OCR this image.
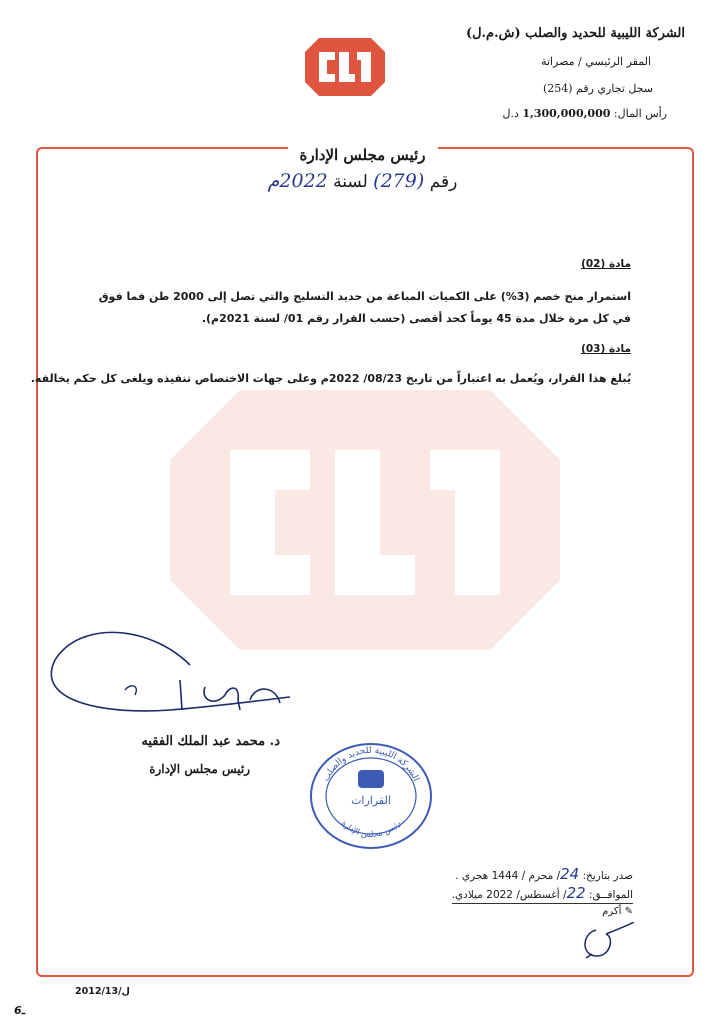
الشركة الليبية للحديد والصلب (ش.م.ل)
المقر الرئيسي / مصراتة
سجل تجاري رقم (254)
رأس المال: 1,300,000,000 د.ل
رئيس مجلس الإدارة
رقم (279) لسنة 2022م
مادة (02)
استمرار منح خصم (3%) على الكميات المباعة من حديد التسليح والتي تصل إلى 2000 طن فما فوق في كل مرة خلال مدة 45 يوماً كحد أقصى (حسب القرار رقم 01/ لسنة 2021م).
مادة (03)
يُبلغ هذا القرار، ويُعمل به اعتباراً من تاريخ 08/23/ 2022م وعلى جهات الاختصاص تنفيذه ويلغى كل حكم يخالفه.
د. محمد عبد الملك الفقيه
رئيس مجلس الإدارة
الشركة الليبية للحديد والصلب
القرارات
رئيس مجلس الإدارة
صدر بتاريخ: 24/ محرم / 1444 هجري .
الموافــق: 22/ أغسطس/ 2022 ميلادي.
✎ أكرم
2012/13/ل
ـ6
